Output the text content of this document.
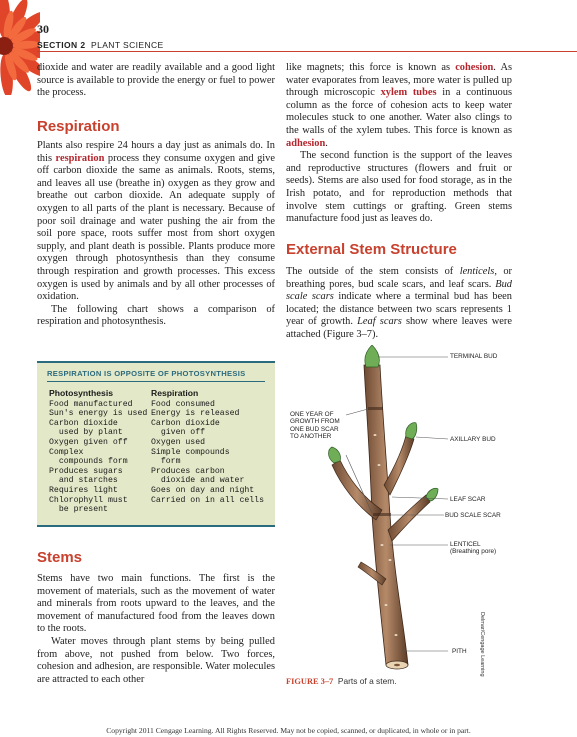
30
SECTION 2 PLANT SCIENCE

dioxide and water are readily available and a good light source is available to provide the energy or fuel to power the process.

Respiration

Plants also respire 24 hours a day just as animals do. In this respiration process they consume oxygen and give off carbon dioxide the same as animals. Roots, stems, and leaves all use (breathe in) oxygen as they grow and breathe out carbon dioxide. An adequate supply of oxygen to all parts of the plant is necessary. Because of poor soil drainage and water pushing the air from the soil pore space, roots suffer most from short oxygen supply, and plant death is possible. Plants produce more oxygen through photosynthesis than they consume through respiration and growth processes. This excess oxygen is used by animals and by all other processes of oxidation.

The following chart shows a comparison of respiration and photosynthesis.

RESPIRATION IS OPPOSITE OF PHOTOSYNTHESIS
Photosynthesis
Food manufactured
Sun's energy is used
Carbon dioxide
used by plant
Oxygen given off
Complex
compounds form
Produces sugars
and starches
Requires light
Chlorophyll must
be present
Respiration
Food consumed
Energy is released
Carbon dioxide
given off
Oxygen used
Simple compounds
form
Produces carbon
dioxide and water
Goes on day and night
Carried on in all cells

Stems

Stems have two main functions. The first is the movement of materials, such as the movement of water and minerals from roots upward to the leaves, and the movement of manufactured food from the leaves down to the roots.

Water moves through plant stems by being pulled from above, not pushed from below. Two forces, cohesion and adhesion, are responsible. Water molecules are attracted to each other

like magnets; this force is known as cohesion. As water evaporates from leaves, more water is pulled up through microscopic xylem tubes in a continuous column as the force of cohesion acts to keep water molecules stuck to one another. Water also clings to the walls of the xylem tubes. This force is known as adhesion.

The second function is the support of the leaves and reproductive structures (flowers and fruit or seeds). Stems are also used for food storage, as in the Irish potato, and for reproduction methods that involve stem cuttings or grafting. Green stems manufacture food just as leaves do.

External Stem Structure

The outside of the stem consists of lenticels, or breathing pores, bud scale scars, and leaf scars. Bud scale scars indicate where a terminal bud has been located; the distance between two scars represents 1 year of growth. Leaf scars show where leaves were attached (Figure 3–7).

TERMINAL BUD
ONE YEAR OF
GROWTH FROM
ONE BUD SCAR
TO ANOTHER	AXILLARY BUD
LEAF SCAR
BUD SCALE SCAR
LENTICEL
(Breathing pore)
PITH Delmar/Cengage Learning
FIGURE 3–7 Parts of a stem.
Copyright 2011 Cengage Learning. All Rights Reserved. May not be copied, scanned, or duplicated, in whole or in part.
